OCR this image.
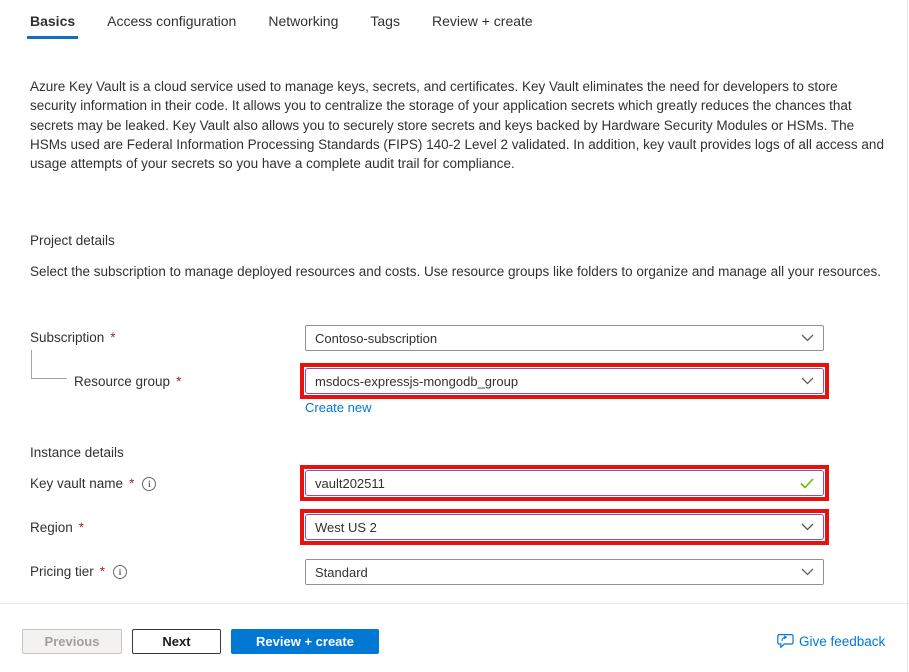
Basics Access configuration Networking Tags Review + create
Azure Key Vault is a cloud service used to manage keys, secrets, and certificates. Key Vault eliminates the need for developers to store security information in their code. It allows you to centralize the storage of your application secrets which greatly reduces the chances that secrets may be leaked. Key Vault also allows you to securely store secrets and keys backed by Hardware Security Modules or HSMs. The HSMs used are Federal Information Processing Standards (FIPS) 140-2 Level 2 validated. In addition, key vault provides logs of all access and usage attempts of your secrets so you have a complete audit trail for compliance.
Project details
Select the subscription to manage deployed resources and costs. Use resource groups like folders to organize and manage all your resources.
Subscription *	Contoso-subscription
Resource group *	msdocs-expressjs-mongodb_group
Create new
Instance details
Key vault name *	i	vault202511
Region *	West US 2
Pricing tier *	i	Standard
Previous	Next	Review + create	Give feedback
